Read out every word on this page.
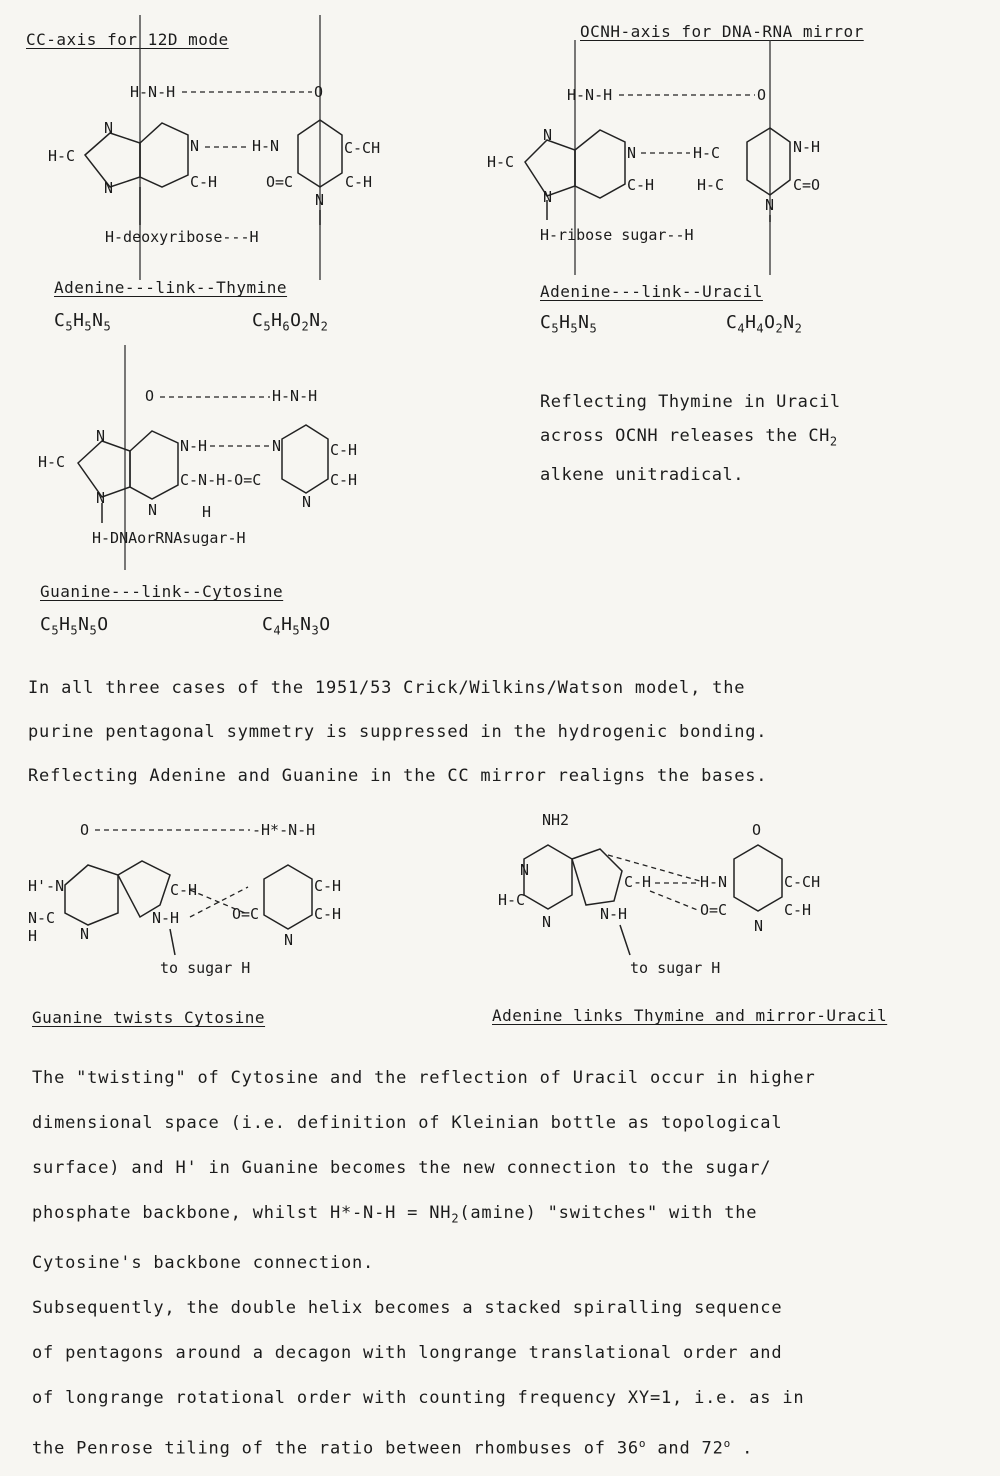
CC-axis for 12D mode
H-N-H	O
H-C
N
N	C-H
N	H-N	C-CH
C-H
O=C
N
H-deoxyribose---H
Adenine---link--Thymine
$C_5H_5N_5$	$C_5H_6O_2N_2$
OCNH-axis for DNA-RNA mirror
H-N-H	O
H-C
N
N
C-H
N	H-C	N-H
C=O
H-C
N
H-ribose sugar--H
Adenine---link--Uracil
$C_5H_5N_5$	$C_4H_4O_2N_2$
Reflecting Thymine in Uracil
across OCNH releases the $CH_2$
alkene unitradical.
O	H-N-H
H-C
N
N
N
N-H	N	C-H
C-H
C-N-H-O=C
H
N
H-DNAorRNAsugar-H
Guanine---link--Cytosine
$C_5H_5N_5O$	$C_4H_5N_3O$
In all three cases of the 1951/53 Crick/Wilkins/Watson model, the
purine pentagonal symmetry is suppressed in the hydrogenic bonding.
Reflecting Adenine and Guanine in the CC mirror realigns the bases.
O	-H*-N-H
H'-N
N-C
H	N
C-H
N-H
C-H
C-H
O=C
N
to sugar H
Guanine twists Cytosine
NH2
H-C
N
N
C-H
N-H
O
H-N	C-CH
C-H
O=C
N
to sugar H
Adenine links Thymine and mirror-Uracil
The "twisting" of Cytosine and the reflection of Uracil occur in higher
dimensional space (i.e. definition of Kleinian bottle as topological
surface) and H' in Guanine becomes the new connection to the sugar/
phosphate backbone, whilst $H*-N-H = NH_2(amine)$ "switches" with the
Cytosine's backbone connection.
Subsequently, the double helix becomes a stacked spiralling sequence
of pentagons around a decagon with longrange translational order and
of longrange rotational order with counting frequency XY=1, i.e. as in
the Penrose tiling of the ratio between rhombuses of 36$^o$ and 72$^o$ .
